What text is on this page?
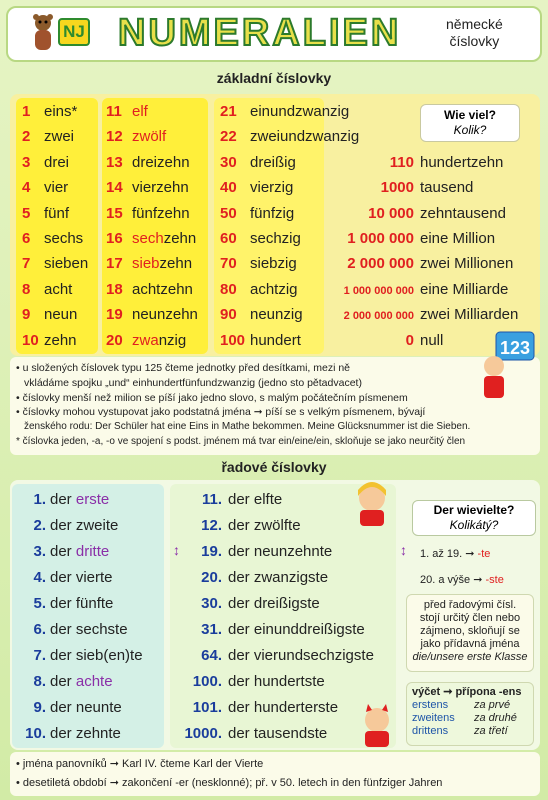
NJ NUMERALIEN	německé
číslovky
základní číslovky
1 eins*
2 zwei
3 drei
4 vier
5 fünf
6 sechs
7 sieben
8 acht
9 neun
10 zehn
11 elf
12 zwölf
13 dreizehn
14 vierzehn
15 fünfzehn
16 sechzehn
17 siebzehn
18 achtzehn
19 neunzehn
20 zwanzig
21 einundzwanzig
22 zweiundzwanzig
30 dreißig
40 vierzig
50 fünfzig
60 sechzig
70 siebzig
80 achtzig
90 neunzig
100 hundert
110 hundertzehn
1000 tausend
10 000 zehntausend
1 000 000 eine Million
2 000 000 zwei Millionen
1 000 000 000 eine Milliarde
2 000 000 000 zwei Milliarden
0 null
Wie viel?
Kolik?
• u složených číslovek typu 125 čteme jednotky před desítkami, mezi ně
vkládáme spojku „und“ einhundertfünfundzwanzig (jedno sto pětadvacet)
• číslovky menší než milion se píší jako jedno slovo, s malým počátečním písmenem
• číslovky mohou vystupovat jako podstatná jména ➞ píší se s velkým písmenem, bývají
ženského rodu: Der Schüler hat eine Eins in Mathe bekommen. Meine Glücksnummer ist die Sieben.
* číslovka jeden, -a, -o ve spojení s podst. jménem má tvar ein/eine/ein, skloňuje se jako neurčitý člen
123
řadové číslovky
1. der erste
2. der zweite
3. der dritte
4. der vierte
5. der fünfte
6. der sechste
7. der sieb(en)te
8. der achte
9. der neunte
10. der zehnte
11. der elfte
12. der zwölfte
19. der neunzehnte
20. der zwanzigste
30. der dreißigste
31. der einunddreißigste
64. der vierundsechzigste
100. der hundertste
101. der hunderterste
1000. der tausendste
↕	↕
Der wievielte?
Kolikátý?
1. až 19. ➞ -te
20. a výše ➞ -ste
před řadovými čísl.
stojí určitý člen nebo
zájmeno, skloňují se
jako přídavná jména
die/unsere erste Klasse
výčet ➞ přípona -ens
erstens za prvé
zweitens za druhé
drittens za třetí
• jména panovníků ➞ Karl IV. čteme Karl der Vierte
• desetiletá období ➞ zakončení -er (nesklonné); př. v 50. letech in den fünfziger Jahren
